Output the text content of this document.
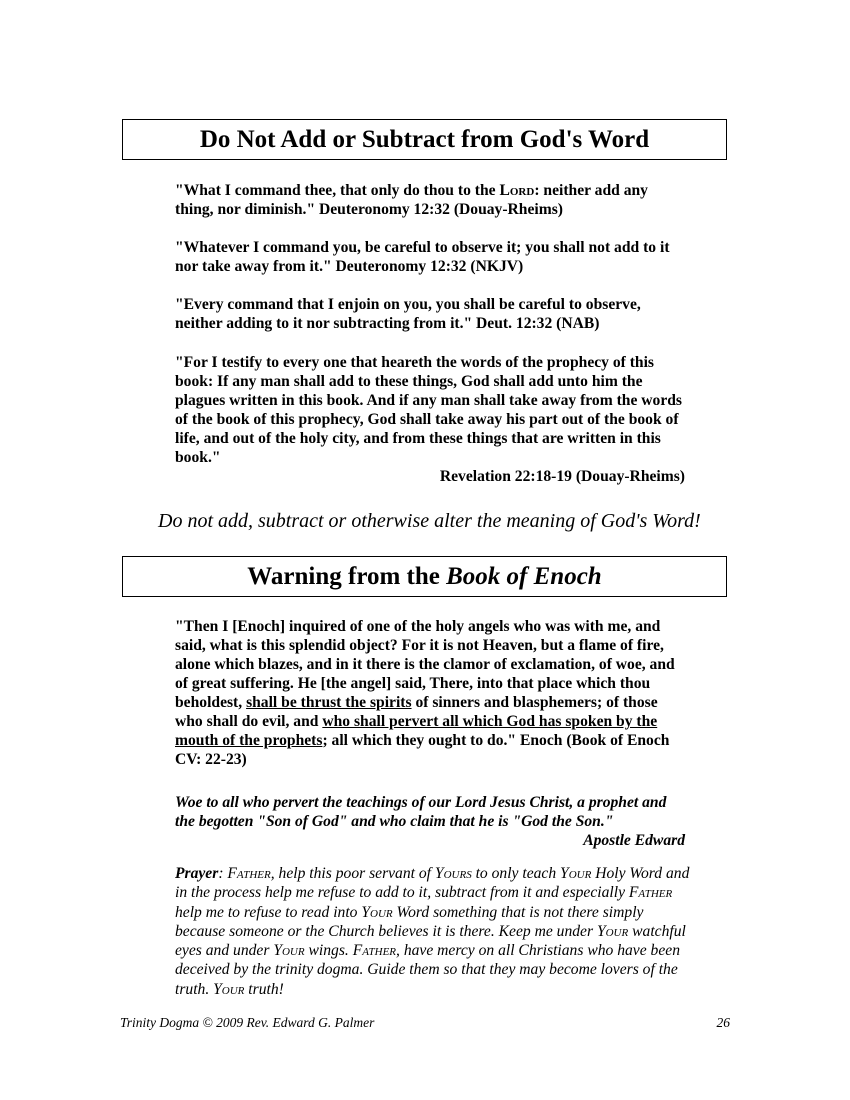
Do Not Add or Subtract from God's Word

"What I command thee, that only do thou to the Lord: neither add any thing, nor diminish." Deuteronomy 12:32 (Douay-Rheims)

"Whatever I command you, be careful to observe it; you shall not add to it nor take away from it." Deuteronomy 12:32 (NKJV)

"Every command that I enjoin on you, you shall be careful to observe, neither adding to it nor subtracting from it." Deut. 12:32 (NAB)

"For I testify to every one that heareth the words of the prophecy of this book: If any man shall add to these things, God shall add unto him the plagues written in this book. And if any man shall take away from the words of the book of this prophecy, God shall take away his part out of the book of life, and out of the holy city, and from these things that are written in this book."

Revelation 22:18-19 (Douay-Rheims)

Do not add, subtract or otherwise alter the meaning of God's Word!
Warning from the Book of Enoch

"Then I [Enoch] inquired of one of the holy angels who was with me, and said, what is this splendid object? For it is not Heaven, but a flame of fire, alone which blazes, and in it there is the clamor of exclamation, of woe, and of great suffering. He [the angel] said, There, into that place which thou beholdest, shall be thrust the spirits of sinners and blasphemers; of those who shall do evil, and who shall pervert all which God has spoken by the mouth of the prophets; all which they ought to do." Enoch (Book of Enoch CV: 22-23)

Woe to all who pervert the teachings of our Lord Jesus Christ, a prophet and the begotten "Son of God" and who claim that he is "God the Son."

Apostle Edward

Prayer: Father, help this poor servant of Yours to only teach Your Holy Word and in the process help me refuse to add to it, subtract from it and especially Father help me to refuse to read into Your Word something that is not there simply because someone or the Church believes it is there. Keep me under Your watchful eyes and under Your wings. Father, have mercy on all Christians who have been deceived by the trinity dogma. Guide them so that they may become lovers of the truth. Your truth!
Trinity Dogma © 2009 Rev. Edward G. Palmer	26
